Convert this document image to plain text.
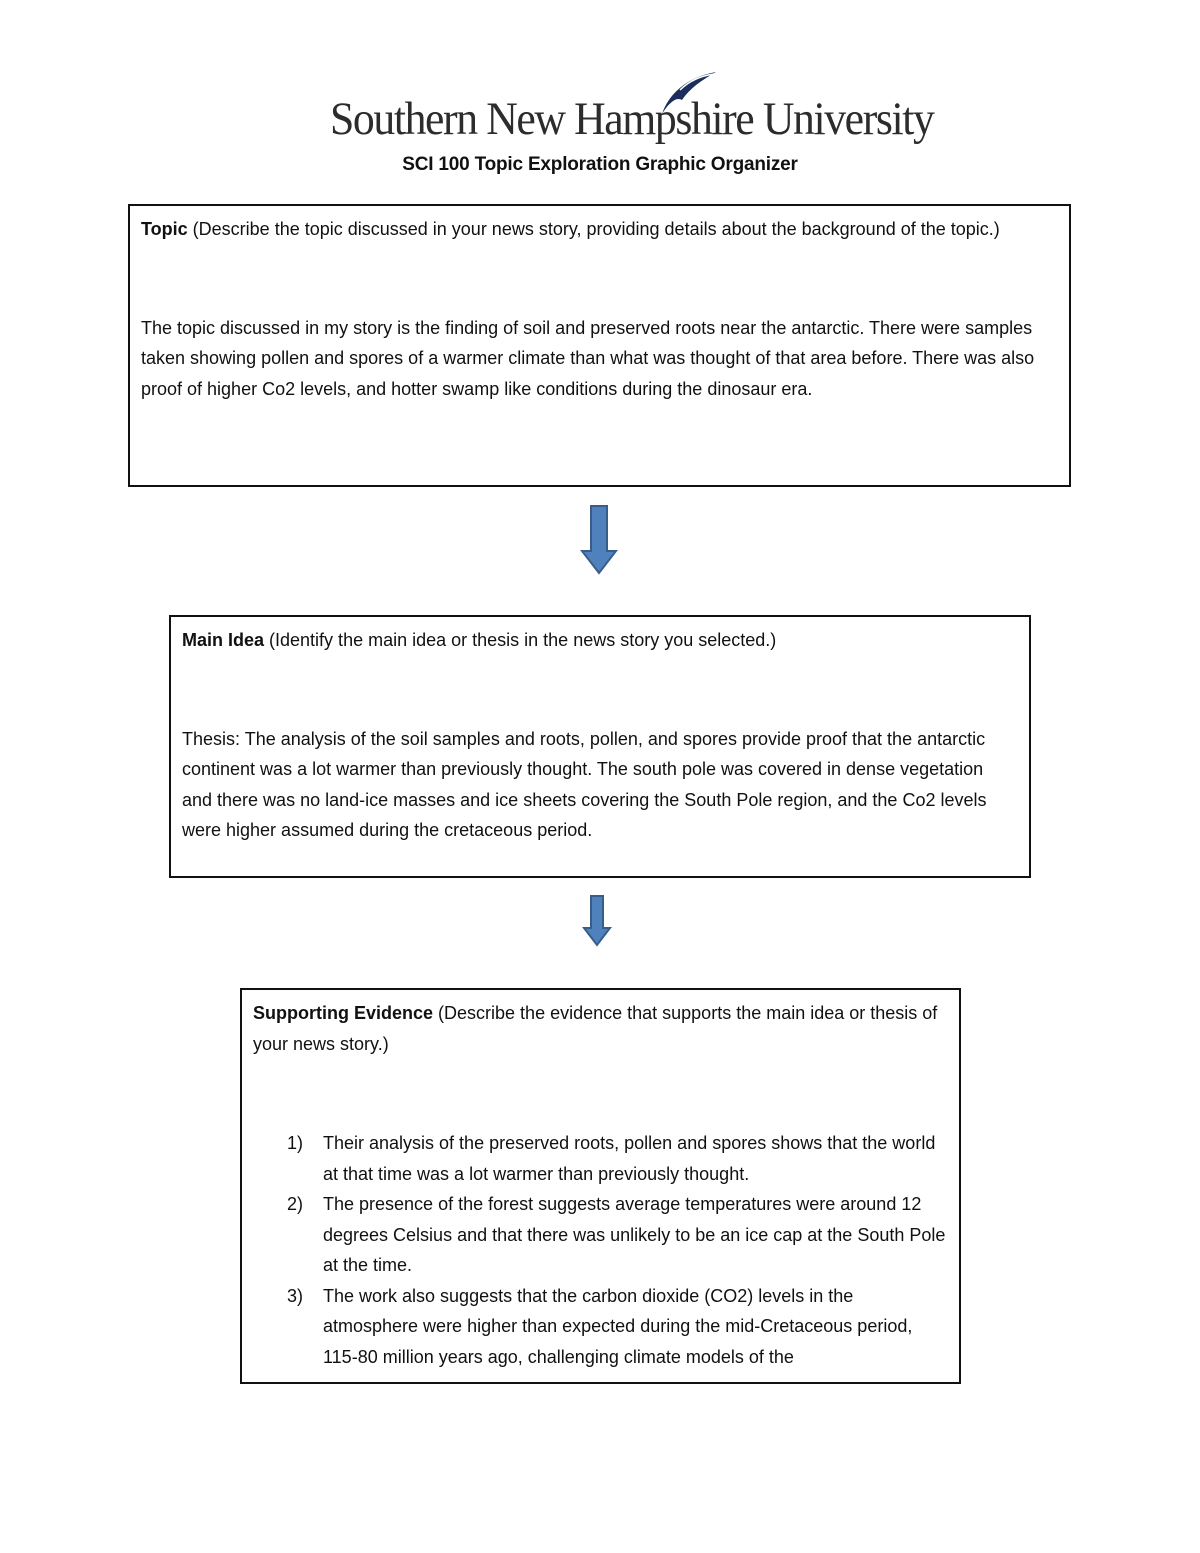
Southern New Hampshire University
SCI 100 Topic Exploration Graphic Organizer

Topic (Describe the topic discussed in your news story, providing details about the background of the topic.)

The topic discussed in my story is the finding of soil and preserved roots near the antarctic. There were samples taken showing pollen and spores of a warmer climate than what was thought of that area before. There was also proof of higher Co2 levels, and hotter swamp like conditions during the dinosaur era.

Main Idea (Identify the main idea or thesis in the news story you selected.)

Thesis: The analysis of the soil samples and roots, pollen, and spores provide proof that the antarctic continent was a lot warmer than previously thought. The south pole was covered in dense vegetation and there was no land-ice masses and ice sheets covering the South Pole region, and the Co2 levels were higher assumed during the cretaceous period.

Supporting Evidence (Describe the evidence that supports the main idea or thesis of your news story.)

1)	Their analysis of the preserved roots, pollen and spores shows that the world at that time was a lot warmer than previously thought.
2)	The presence of the forest suggests average temperatures were around 12 degrees Celsius and that there was unlikely to be an ice cap at the South Pole at the time.
3)	The work also suggests that the carbon dioxide (CO2) levels in the atmosphere were higher than expected during the mid-Cretaceous period, 115-80 million years ago, challenging climate models of the
